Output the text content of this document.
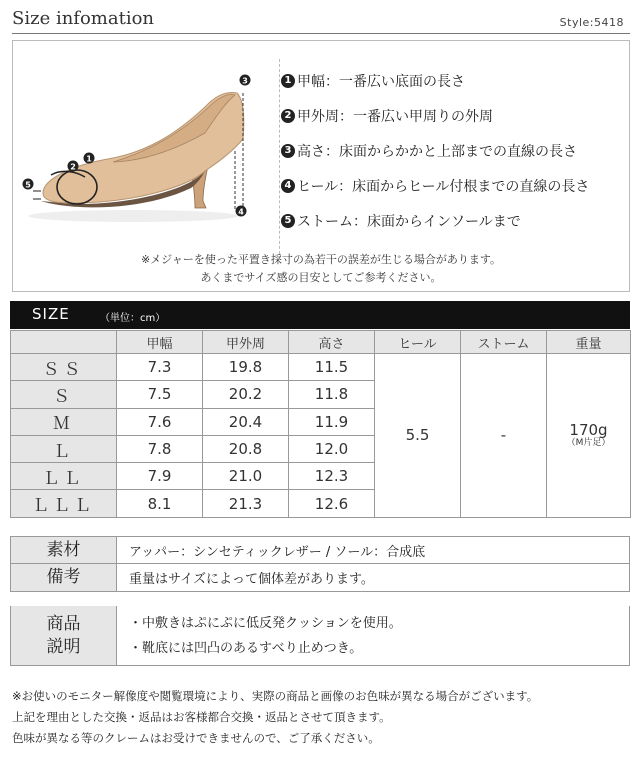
Size infomation	Style:5418
1
2
3
4
5
1 甲幅：一番広い底面の長さ
2 甲外周：一番広い甲周りの外周
3 高さ：床面からかかと上部までの直線の長さ
4 ヒール：床面からヒール付根までの直線の長さ
5 ストーム：床面からインソールまで
※メジャーを使った平置き採寸の為若干の誤差が生じる場合があります。
あくまでサイズ感の目安としてご参考ください。
SIZE	（単位：cm）
	甲幅	甲外周	高さ	ヒール	ストーム	重量
ＳＳ	7.3	19.8	11.5	5.5	-	170g
（M片足）

Ｓ	7.5	20.2	11.8			
Ｍ	7.6	20.4	11.9			
Ｌ	7.8	20.8	12.0			
ＬＬ	7.9	21.0	12.3			
ＬＬＬ	8.1	21.3	12.6			
素材	アッパー：シンセティックレザー / ソール：合成底
備考	重量はサイズによって個体差があります。
商品
説明
・中敷きはぷにぷに低反発クッションを使用。
・靴底には凹凸のあるすべり止めつき。
※お使いのモニター解像度や閲覧環境により、実際の商品と画像のお色味が異なる場合がございます。
上記を理由とした交換・返品はお客様都合交換・返品とさせて頂きます。
色味が異なる等のクレームはお受けできませんので、ご了承ください。
